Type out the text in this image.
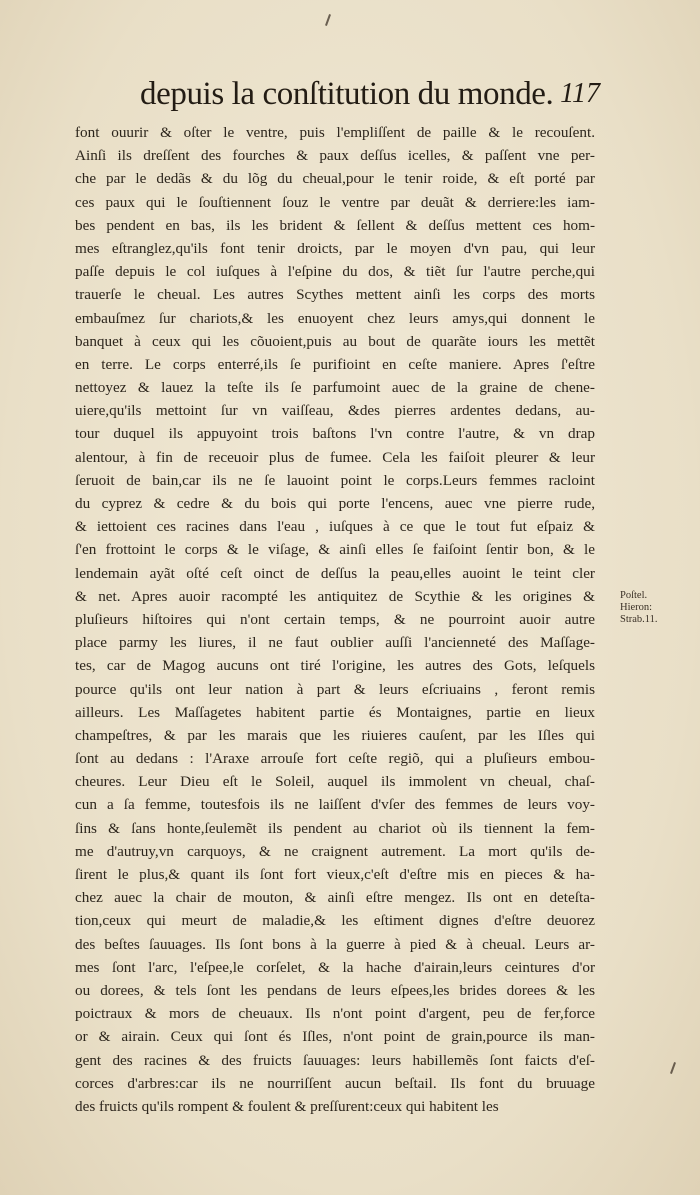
depuis la conſtitution du monde. 117
font ouurir & oſter le ventre, puis l'empliſſent de paille & le recouſent.
Ainſi ils dreſſent des fourches & paux deſſus icelles, & paſſent vne per-
che par le dedãs & du lõg du cheual,pour le tenir roide, & eſt porté par
ces paux qui le ſouſtiennent ſouz le ventre par deuãt & derriere:les iam-
bes pendent en bas, ils les brident & ſellent & deſſus mettent ces hom-
mes eſtranglez,qu'ils font tenir droicts, par le moyen d'vn pau, qui leur
paſſe depuis le col iuſques à l'eſpine du dos, & tiẽt ſur l'autre perche,qui
trauerſe le cheual. Les autres Scythes mettent ainſi les corps des morts
embauſmez ſur chariots,& les enuoyent chez leurs amys,qui donnent le
banquet à ceux qui les cõuoient,puis au bout de quarãte iours les mettẽt
en terre. Le corps enterré,ils ſe purifioint en ceſte maniere. Apres ſ'eſtre
nettoyez & lauez la teſte ils ſe parfumoint auec de la graine de chene-
uiere,qu'ils mettoint ſur vn vaiſſeau, &des pierres ardentes dedans, au-
tour duquel ils appuyoint trois baſtons l'vn contre l'autre, & vn drap
alentour, à fin de receuoir plus de fumee. Cela les faiſoit pleurer & leur
ſeruoit de bain,car ils ne ſe lauoint point le corps.Leurs femmes racloint
du cyprez & cedre & du bois qui porte l'encens, auec vne pierre rude,
& iettoient ces racines dans l'eau , iuſques à ce que le tout fut eſpaiz &
ſ'en frottoint le corps & le viſage, & ainſi elles ſe faiſoint ſentir bon, & le
lendemain ayãt oſté ceſt oinct de deſſus la peau,elles auoint le teint cler
& net. Apres auoir racompté les antiquitez de Scythie & les origines &
pluſieurs hiſtoires qui n'ont certain temps, & ne pourroint auoir autre
place parmy les liures, il ne faut oublier auſſi l'ancienneté des Maſſage-
tes, car de Magog aucuns ont tiré l'origine, les autres des Gots, leſquels
pource qu'ils ont leur nation à part & leurs eſcriuains , feront remis
ailleurs. Les Maſſagetes habitent partie és Montaignes, partie en lieux
champeſtres, & par les marais que les riuieres cauſent, par les Iſles qui
ſont au dedans : l'Araxe arrouſe fort ceſte regiõ, qui a pluſieurs embou-
cheures. Leur Dieu eſt le Soleil, auquel ils immolent vn cheual, chaſ-
cun a ſa femme, toutesfois ils ne laiſſent d'vſer des femmes de leurs voy-
ſins & ſans honte,ſeulemẽt ils pendent au chariot où ils tiennent la fem-
me d'autruy,vn carquoys, & ne craignent autrement. La mort qu'ils de-
ſirent le plus,& quant ils ſont fort vieux,c'eſt d'eſtre mis en pieces & ha-
chez auec la chair de mouton, & ainſi eſtre mengez. Ils ont en deteſta-
tion,ceux qui meurt de maladie,& les eſtiment dignes d'eſtre deuorez
des beſtes ſauuages. Ils ſont bons à la guerre à pied & à cheual. Leurs ar-
mes ſont l'arc, l'eſpee,le corſelet, & la hache d'airain,leurs ceintures d'or
ou dorees, & tels ſont les pendans de leurs eſpees,les brides dorees & les
poictraux & mors de cheuaux. Ils n'ont point d'argent, peu de fer,force
or & airain. Ceux qui ſont és Iſles, n'ont point de grain,pource ils man-
gent des racines & des fruicts ſauuages: leurs habillemẽs ſont faicts d'eſ-
corces d'arbres:car ils ne nourriſſent aucun beſtail. Ils font du bruuage
des fruicts qu'ils rompent & foulent & preſſurent:ceux qui habitent les
Poſtel.
Hieron:
Strab.11.
